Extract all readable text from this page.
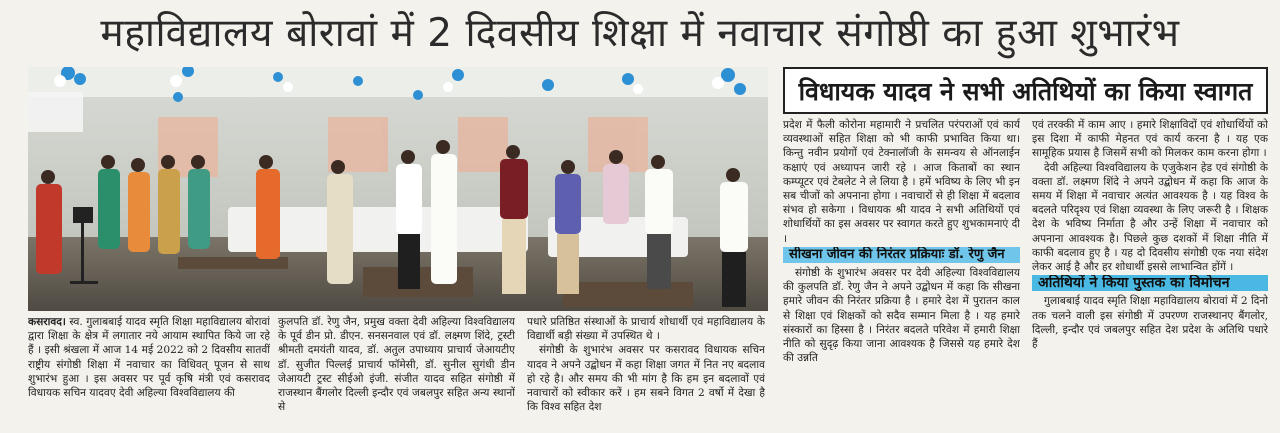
महाविद्यालय बोरावां में 2 दिवसीय शिक्षा में नवाचार संगोष्ठी का हुआ शुभारंभ
विधायक यादव ने सभी अतिथियों का किया स्वागत

कसरावद। स्व. गुलाबबाई यादव स्मृति शिक्षा महाविद्यालय बोरावां द्वारा शिक्षा के क्षेत्र में लगातार नये आयाम स्थापित किये जा रहे हैं । इसी श्रंखला में आज 14 मई 2022 को 2 दिवसीय सातवीं राष्ट्रीय संगोष्ठी शिक्षा में नवाचार का विधिवत् पूजन से साथ शुभारंभ हुआ । इस अवसर पर पूर्व कृषि मंत्री एवं कसरावद विधायक सचिन यादवए देवी अहिल्या विश्वविद्यालय की

कुलपति डॉ. रेणु जैन, प्रमुख वक्ता देवी अहिल्या विश्वविद्यालय के पूर्व डीन प्रो. डीएन. सनसनवाल एवं डॉ. लक्ष्मण शिंदे, ट्रस्टी श्रीमती दमयंती यादव, डॉ. अतुल उपाध्याय प्राचार्य जेआयटीए डॉ. सुजीत पिल्लई प्राचार्य फॉमेसी, डॉ. सुनील सुगंधी डीन जेआयटी ट्रस्ट सीईओ इंजी. संजीत यादव सहित संगोष्ठी में राजस्थान बैंगलोर दिल्ली इन्दौर एवं जबलपुर सहित अन्य स्थानों से

पधारे प्रतिष्ठित संस्थाओं के प्राचार्य शोधार्थी एवं महाविद्यालय के विद्यार्थी बड़ी संख्या में उपस्थित थे ।

संगोष्ठी के शुभारंभ अवसर पर कसरावद विधायक सचिन यादव ने अपने उद्बोधन में कहा शिक्षा जगत में नित नए बदलाव हो रहे है। और समय की भी मांग है कि हम इन बदलावों एवं नवाचारों को स्वीकार करें । हम सबने विगत 2 वर्षो में देखा है कि विश्व सहित देश

प्रदेश में फैली कोरोना महामारी ने प्रचलित परंपराओं एवं कार्य व्यवस्थाओं सहित शिक्षा को भी काफी प्रभावित किया था। किन्तु नवीन प्रयोगों एवं टेक्नालॉजी के समन्वय से ऑनलाईन कक्षाएं एवं अध्यापन जारी रहे । आज किताबों का स्थान कम्प्यूटर एवं टेबलेट ने ले लिया है । हमें भविष्य के लिए भी इन सब चीजों को अपनाना होगा । नवाचारों से ही शिक्षा में बदलाव संभव हो सकेगा । विधायक श्री यादव ने सभी अतिथियों एवं शोधार्थियों का इस अवसर पर स्वागत करते हुए शुभकामनाएं दी ।

सीखना जीवन की निरंतर प्रक्रियाः डॉ. रेणु जैन

संगोष्ठी के शुभारंभ अवसर पर देवी अहिल्या विश्वविद्यालय की कुलपति डॉ. रेणु जैन ने अपने उद्बोधन में कहा कि सीखना हमारे जीवन की निरंतर प्रक्रिया है । हमारे देश में पुरातन काल से शिक्षा एवं शिक्षकों को सदैव सम्मान मिला है । यह हमारे संस्कारों का हिस्सा है । निरंतर बदलते परिवेश में हमारी शिक्षा नीति को सुदृढ़ किया जाना आवश्यक है जिससे यह हमारे देश की उन्नति

एवं तरक्की में काम आए । हमारे शिक्षाविदों एवं शोधार्थियों को इस दिशा में काफी मेहनत एवं कार्य करना है । यह एक सामूहिक प्रयास है जिसमें सभी को मिलकर काम करना होगा ।

देवी अहिल्या विश्वविद्यालय के एजुकेशन हेड एवं संगोष्ठी के वक्ता डॉ. लक्ष्मण शिंदे ने अपने उद्बोधन में कहा कि आज के समय में शिक्षा में नवाचार अत्यंत आवश्यक है । यह विश्व के बदलते परिदृश्य एवं शिक्षा व्यवस्था के लिए जरूरी है । शिक्षक देश के भविष्य निर्माता है और उन्हें शिक्षा में नवाचार को अपनाना आवश्यक है। पिछले कुछ दशकों में शिक्षा नीति में काफी बदलाव हुए है । यह दो दिवसीय संगोष्ठी एक नया संदेश लेकर आई है और हर शोधार्थी इससे लाभान्वित होंगें ।

अतिथियों ने किया पुस्तक का विमोचन

गुलाबबाई यादव स्मृति शिक्षा महाविद्यालय बोरावां में 2 दिनो तक चलने वाली इस संगोष्ठी में उपरण्ण राजस्थानए बैंगलोर, दिल्ली, इन्दौर एवं जबलपुर सहित देश प्रदेश के अतिथि पधारे हैं
